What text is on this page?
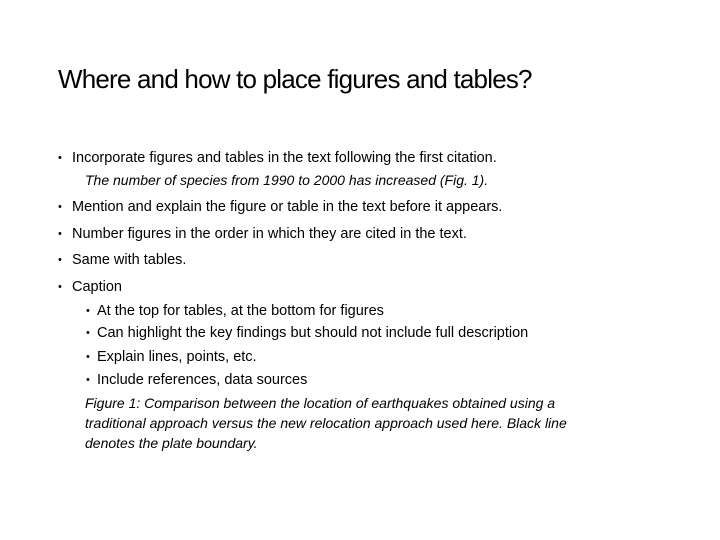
Where and how to place figures and tables?
• Incorporate figures and tables in the text following the first citation.
The number of species from 1990 to 2000 has increased (Fig. 1).
• Mention and explain the figure or table in the text before it appears.
• Number figures in the order in which they are cited in the text.
• Same with tables.
• Caption
• At the top for tables, at the bottom for figures
• Can highlight the key findings but should not include full description
• Explain lines, points, etc.
• Include references, data sources
Figure 1: Comparison between the location of earthquakes obtained using a
traditional approach versus the new relocation approach used here. Black line
denotes the plate boundary.
